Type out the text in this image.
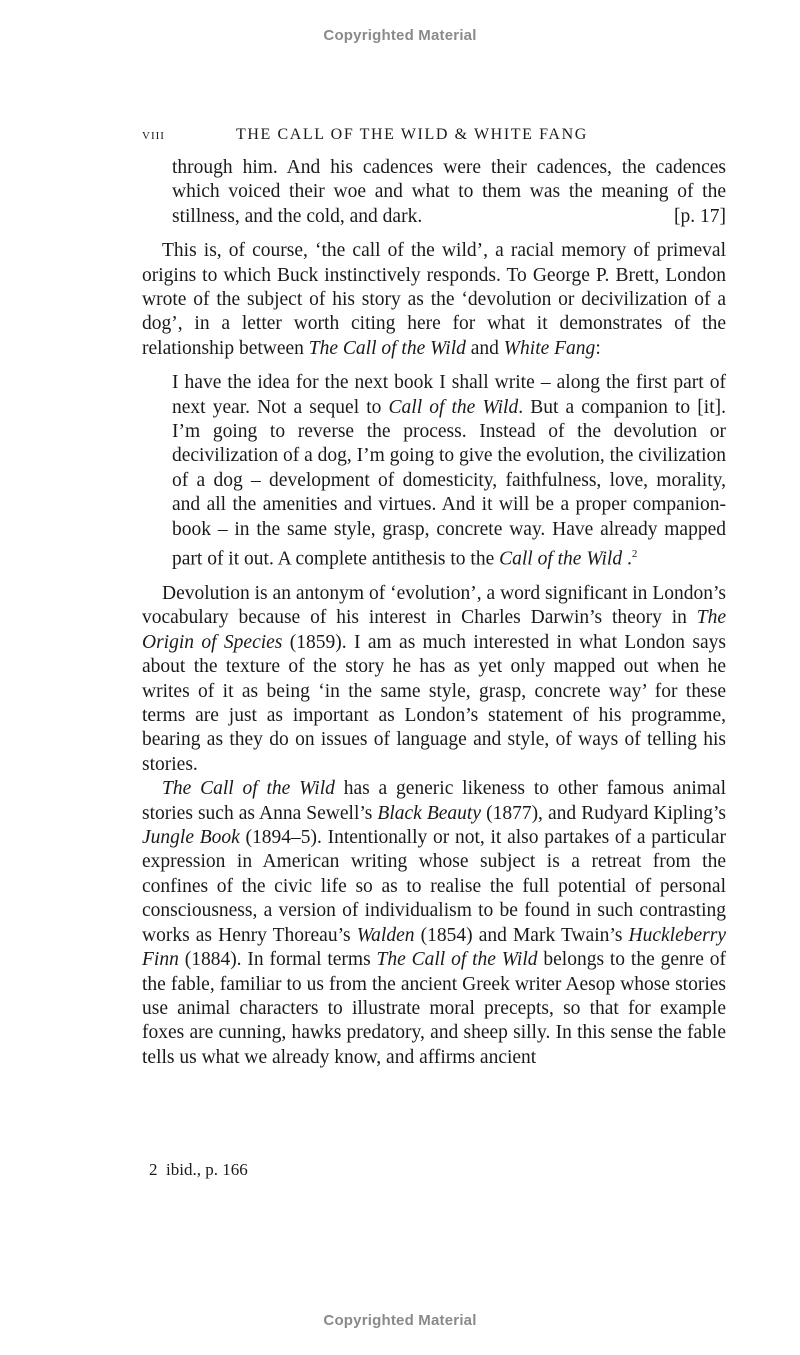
Copyrighted Material
viii	THE CALL OF THE WILD & WHITE FANG

through him. And his cadences were their cadences, the cadences which voiced their woe and what to them was the meaning of the stillness, and the cold, and dark.	[p. 17]

This is, of course, ‘the call of the wild’, a racial memory of primeval origins to which Buck instinctively responds. To George P. Brett, London wrote of the subject of his story as the ‘devolution or decivilization of a dog’, in a letter worth citing here for what it demonstrates of the relationship between The Call of the Wild and White Fang:

I have the idea for the next book I shall write – along the first part of next year. Not a sequel to Call of the Wild. But a companion to [it]. I’m going to reverse the process. Instead of the devolution or decivilization of a dog, I’m going to give the evolution, the civilization of a dog – development of domesticity, faithfulness, love, morality, and all the amenities and virtues. And it will be a proper companion-book – in the same style, grasp, concrete way. Have already mapped part of it out. A complete antithesis to the Call of the Wild .$^2$

Devolution is an antonym of ‘evolution’, a word significant in London’s vocabulary because of his interest in Charles Darwin’s theory in The Origin of Species (1859). I am as much interested in what London says about the texture of the story he has as yet only mapped out when he writes of it as being ‘in the same style, grasp, concrete way’ for these terms are just as important as London’s statement of his programme, bearing as they do on issues of language and style, of ways of telling his stories.

The Call of the Wild has a generic likeness to other famous animal stories such as Anna Sewell’s Black Beauty (1877), and Rudyard Kipling’s Jungle Book (1894–5). Intentionally or not, it also partakes of a particular expression in American writing whose subject is a retreat from the confines of the civic life so as to realise the full potential of personal consciousness, a version of individualism to be found in such contrasting works as Henry Thoreau’s Walden (1854) and Mark Twain’s Huckleberry Finn (1884). In formal terms The Call of the Wild belongs to the genre of the fable, familiar to us from the ancient Greek writer Aesop whose stories use animal characters to illustrate moral precepts, so that for example foxes are cunning, hawks predatory, and sheep silly. In this sense the fable tells us what we already know, and affirms ancient

2 ibid., p. 166
Copyrighted Material
